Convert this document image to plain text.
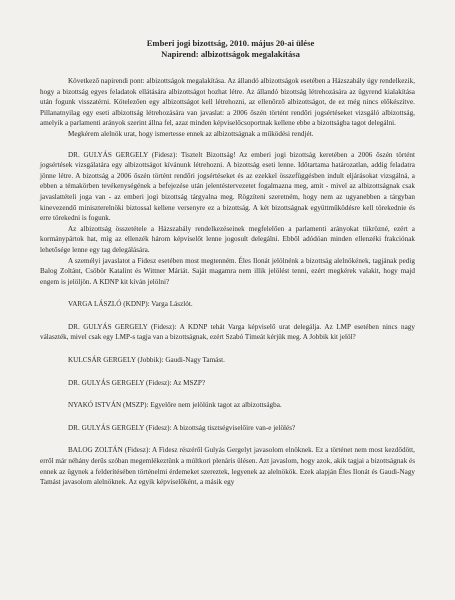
Emberi jogi bizottság, 2010. május 20-ai ülése
Napirend: albizottságok megalakítása

Következő napirendi pont: albizottságok megalakítása. Az állandó albizottságok esetében a Házszabály úgy rendelkezik, hogy a bizottság egyes feladatok ellátására albizottságot hozhat létre. Az állandó bizottság létrehozására az ügyrend kialakítása után fogunk visszatérni. Kötelezően egy albizottságot kell létrehozni, az ellenőrző albizottságot, de ez még nincs előkészítve. Pillanatnyilag egy eseti albizottság létrehozására van javaslat: a 2006 őszén történt rendőri jogsértéseket vizsgáló albizottság, amelyik a parlamenti arányok szerint állna fel, azaz minden képviselőcsoportnak kellene ebbe a bizottságba tagot delegálni.

Megkérem alelnök urat, hogy ismertesse ennek az albizottságnak a működési rendjét.

DR. GULYÁS GERGELY (Fidesz): Tisztelt Bizottság! Az emberi jogi bizottság keretében a 2006 őszén történt jogsértések vizsgálatára egy albizottságot kívánunk létrehozni. A bizottság eseti lenne. Időtartama határozatlan, addig feladatra jönne létre. A bizottság a 2006 őszén történt rendőri jogsértéseket és az ezekkel összefüggésben indult eljárásokat vizsgálná, a ebben a témakörben tevékenységének a befejezése után jelentéstervezetet fogalmazna meg, amit - mivel az albizottságnak csak javaslattételi joga van - az emberi jogi bizottság tárgyalna meg. Rögzíteni szeretném, hogy nem az ugyanebben a tárgyban kinevezendő miniszterelnöki biztossal kellene versenyre ez a bizottság. A két bizottságnak együttműködésre kell törekednie és erre törekedni is fogunk.

Az albizottság összetétele a Házszabály rendelkezéseinek megfelelően a parlamenti arányokat tükrözné, ezért a kormánypártok hat, míg az ellenzék három képviselőt lenne jogosult delegálni. Ebből adódóan minden ellenzéki frakciónak lehetősége lenne egy tag delegálására.

A személyi javaslatot a Fidesz esetében most megtenném. Éles Ilonát jelölnénk a bizottság alelnökének, tagjának pedig Balog Zoltánt, Csöbör Katalint és Wittner Máriát. Saját magamra nem illik jelölést tenni, ezért megkérek valakit, hogy majd engem is jelöljön. A KDNP kit kíván jelölni?

VARGA LÁSZLÓ (KDNP): Varga Lászlót.

DR. GULYÁS GERGELY (Fidesz): A KDNP tehát Varga képviselő urat delegálja. Az LMP esetében nincs nagy választék, mivel csak egy LMP-s tagja van a bizottságnak, ezért Szabó Tímeát kérjük meg. A Jobbik kit jelöl?

KULCSÁR GERGELY (Jobbik): Gaudi-Nagy Tamást.

DR. GULYÁS GERGELY (Fidesz): Az MSZP?

NYAKÓ ISTVÁN (MSZP): Egyelőre nem jelölünk tagot az albizottságba.

DR. GULYÁS GERGELY (Fidesz): A bizottság tisztségviselőire van-e jelölés?

BALOG ZOLTÁN (Fidesz): A Fidesz részéről Gulyás Gergelyt javasolom elnöknek. Ez a történet nem most kezdődött, erről már néhány derűs szóban megemlékeztünk a múltkori plenáris ülésen. Azt javaslom, hogy azok, akik tagjai a bizottságnak és ennek az ügynek a felderítésében történelmi érdemeket szereztek, legyenek az alelnökök. Ezek alapján Éles Ilonát és Gaudi-Nagy Tamást javasolom alelnöknek. Az egyik képviselőként, a másik egy
